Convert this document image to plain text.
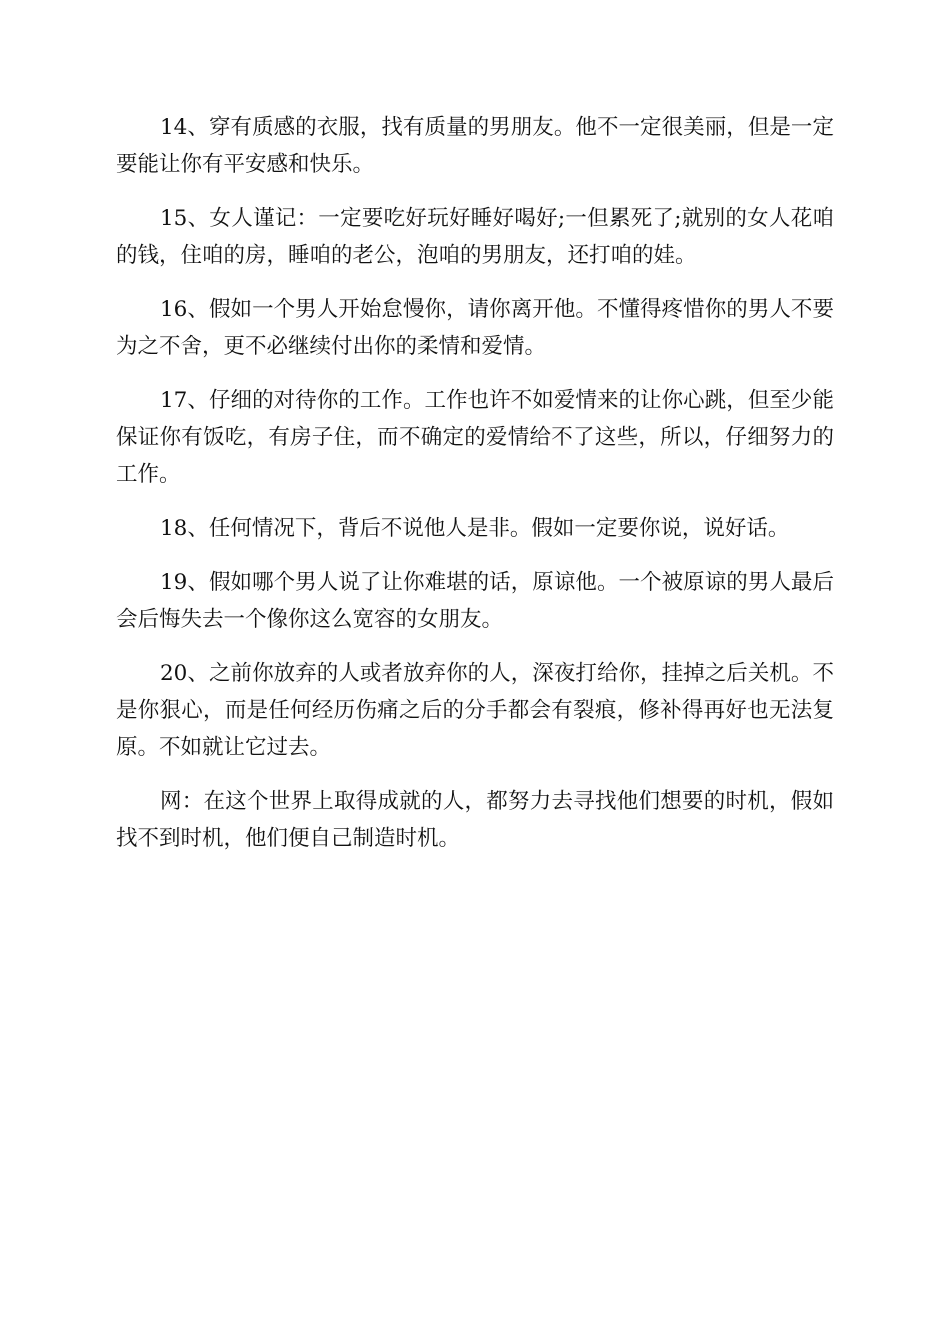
14、穿有质感的衣服，找有质量的男朋友。他不一定很美丽，但是一定要能让你有平安感和快乐。

15、女人谨记：一定要吃好玩好睡好喝好;一但累死了;就别的女人花咱的钱，住咱的房，睡咱的老公，泡咱的男朋友，还打咱的娃。

16、假如一个男人开始怠慢你，请你离开他。不懂得疼惜你的男人不要为之不舍，更不必继续付出你的柔情和爱情。

17、仔细的对待你的工作。工作也许不如爱情来的让你心跳，但至少能保证你有饭吃，有房子住，而不确定的爱情给不了这些，所以，仔细努力的工作。

18、任何情况下，背后不说他人是非。假如一定要你说，说好话。

19、假如哪个男人说了让你难堪的话，原谅他。一个被原谅的男人最后会后悔失去一个像你这么宽容的女朋友。

20、之前你放弃的人或者放弃你的人，深夜打给你，挂掉之后关机。不是你狠心，而是任何经历伤痛之后的分手都会有裂痕，修补得再好也无法复原。不如就让它过去。

网：在这个世界上取得成就的人，都努力去寻找他们想要的时机，假如找不到时机，他们便自己制造时机。
